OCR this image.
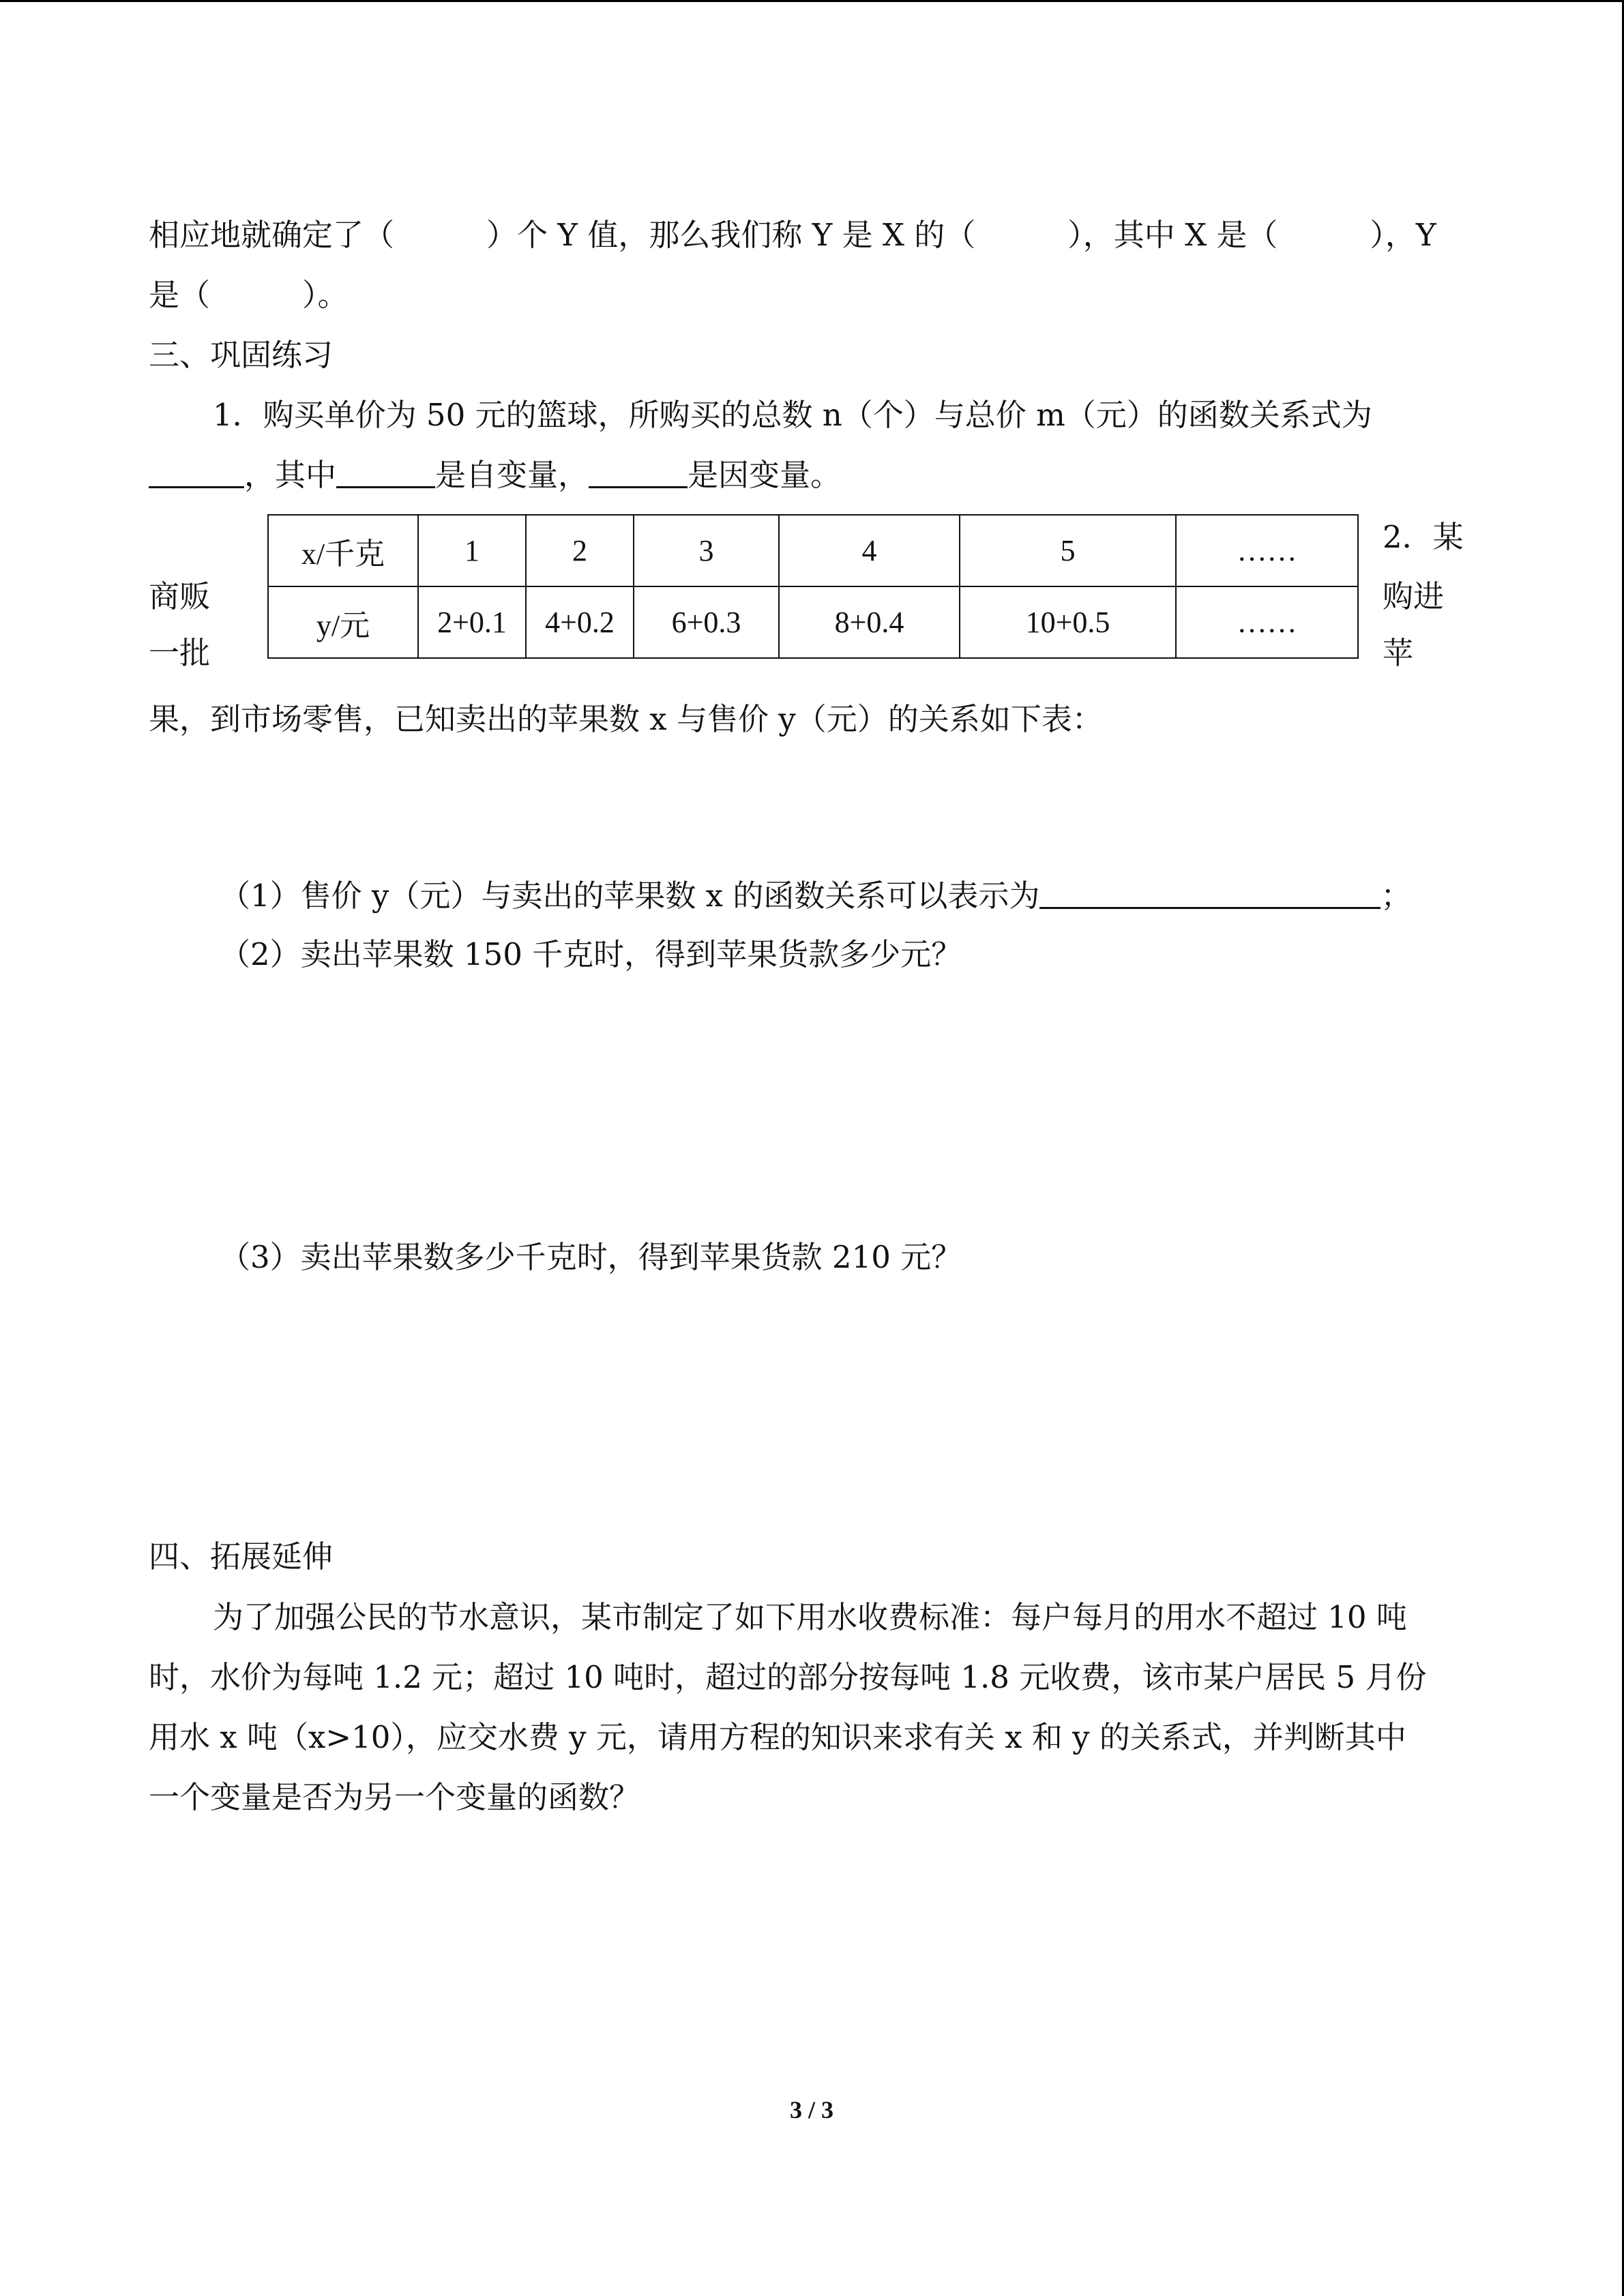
相应地就确定了（　　　）个 Y 值，那么我们称 Y 是 X 的（　　　），其中 X 是（　　　），Y
是（　　　）。
三、巩固练习
1．购买单价为 50 元的篮球，所购买的总数 n（个）与总价 m（元）的函数关系式为
，其中	是自变量，	是因变量。
2．某
商贩	购进
一批	苹
x/千克	1	2	3	4	5	……
y/元	2+0.1	4+0.2	6+0.3	8+0.4	10+0.5	……
果，到市场零售，已知卖出的苹果数 x 与售价 y（元）的关系如下表：
（1）售价 y（元）与卖出的苹果数 x 的函数关系可以表示为	；
（2）卖出苹果数 150 千克时，得到苹果货款多少元？
（3）卖出苹果数多少千克时，得到苹果货款 210 元？
四、拓展延伸
为了加强公民的节水意识，某市制定了如下用水收费标准：每户每月的用水不超过 10 吨
时，水价为每吨 1.2 元；超过 10 吨时，超过的部分按每吨 1.8 元收费，该市某户居民 5 月份
用水 x 吨（x>10），应交水费 y 元，请用方程的知识来求有关 x 和 y 的关系式，并判断其中
一个变量是否为另一个变量的函数？
3 / 3
